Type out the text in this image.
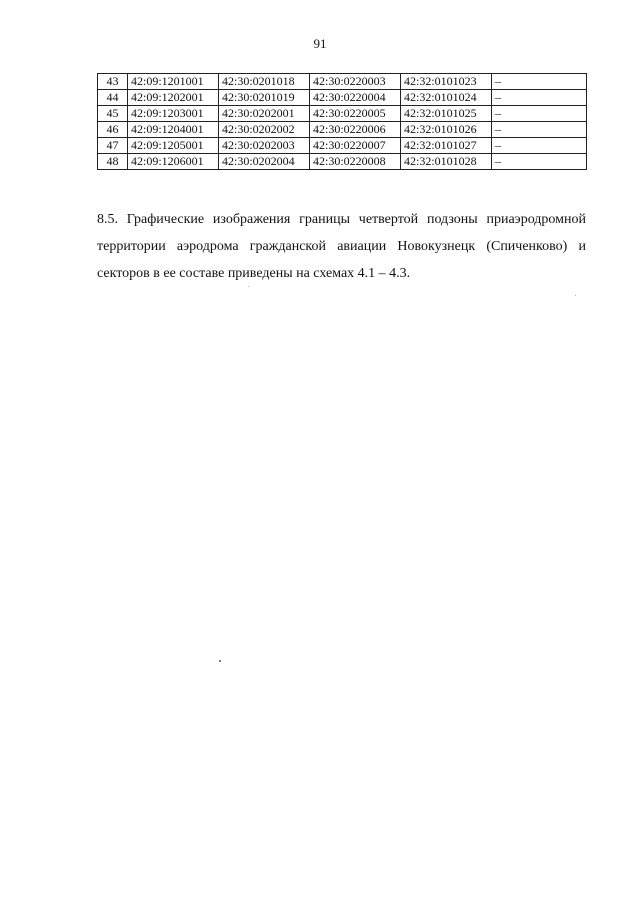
91
43	42:09:1201001	42:30:0201018	42:30:0220003	42:32:0101023	–
44	42:09:1202001	42:30:0201019	42:30:0220004	42:32:0101024	–
45	42:09:1203001	42:30:0202001	42:30:0220005	42:32:0101025	–
46	42:09:1204001	42:30:0202002	42:30:0220006	42:32:0101026	–
47	42:09:1205001	42:30:0202003	42:30:0220007	42:32:0101027	–
48	42:09:1206001	42:30:0202004	42:30:0220008	42:32:0101028	–

8.5. Графические изображения границы четвертой подзоны приаэродромной территории аэродрома гражданской авиации Новокузнецк (Спиченково) и секторов в ее составе приведены на схемах 4.1 – 4.3.
